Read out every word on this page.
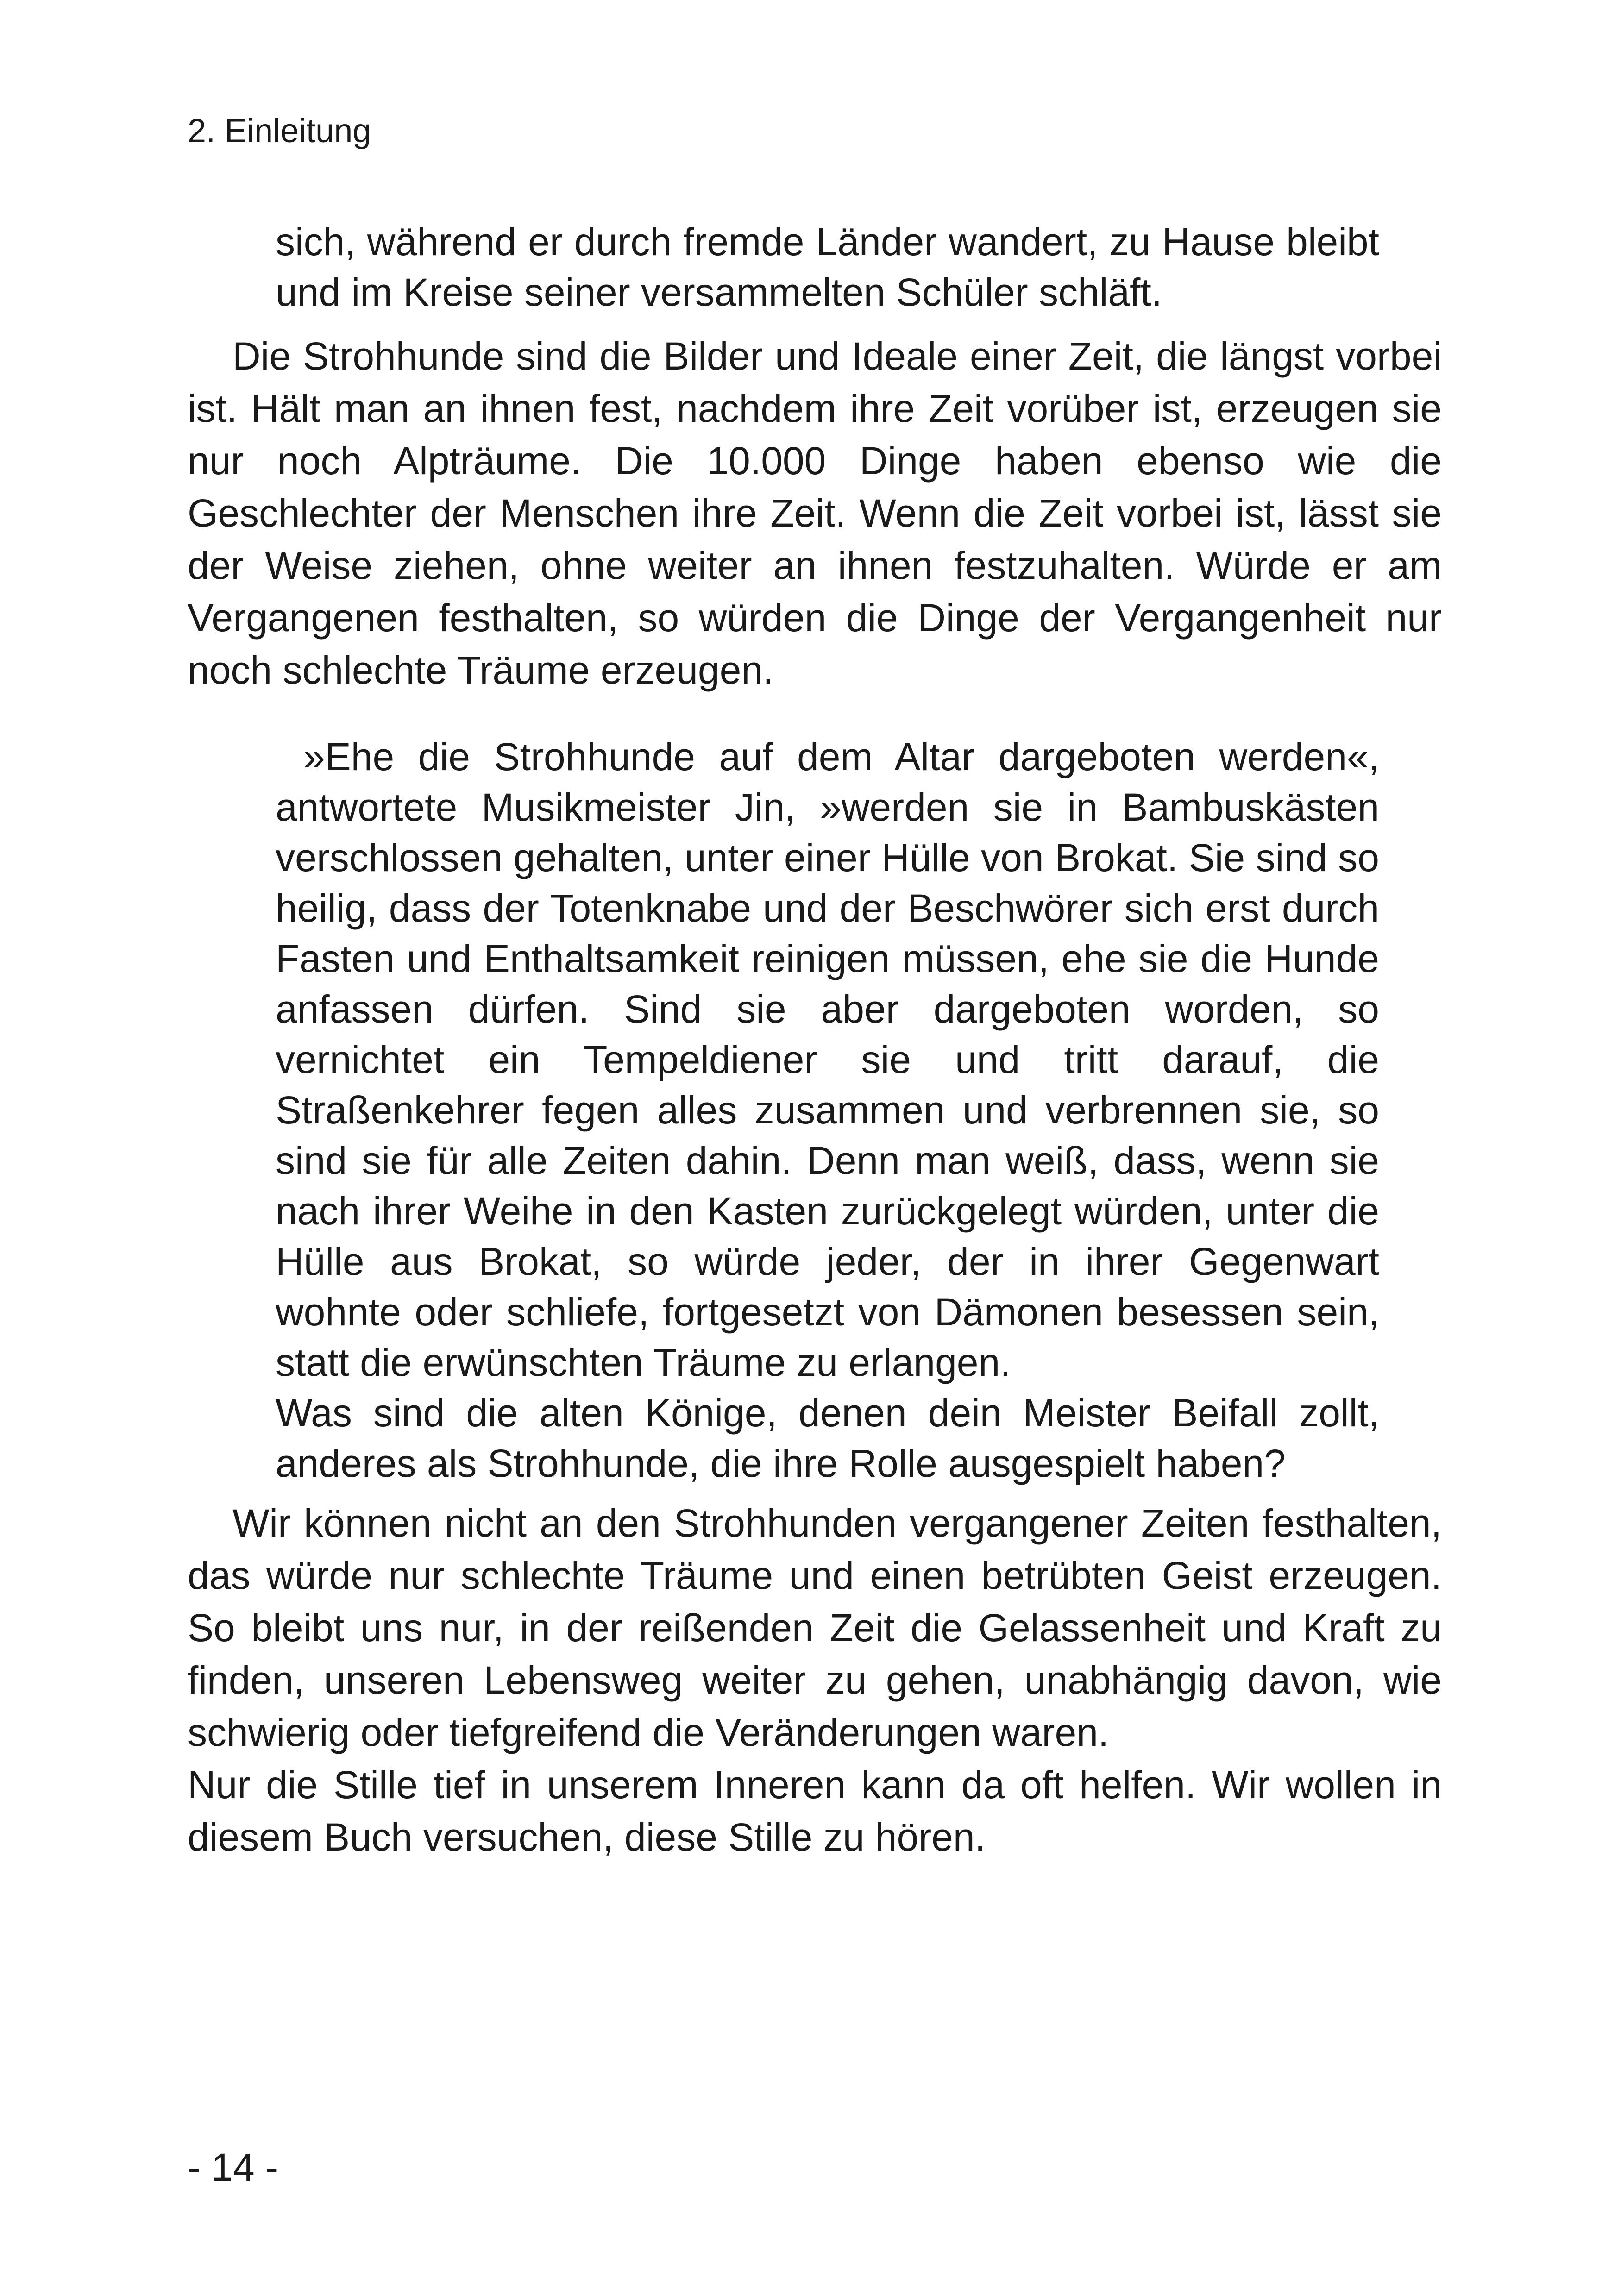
2. Einleitung

sich, während er durch fremde Länder wandert, zu Hause bleibt und im Kreise seiner versammelten Schüler schläft.

Die Strohhunde sind die Bilder und Ideale einer Zeit, die längst vorbei ist. Hält man an ihnen fest, nachdem ihre Zeit vorüber ist, erzeugen sie nur noch Alpträume. Die 10.000 Dinge haben ebenso wie die Geschlechter der Menschen ihre Zeit. Wenn die Zeit vorbei ist, lässt sie der Weise ziehen, ohne weiter an ihnen festzuhalten. Würde er am Vergangenen festhalten, so würden die Dinge der Vergangenheit nur noch schlechte Träume erzeugen.

»Ehe die Strohhunde auf dem Altar dargeboten werden«, antwortete Musikmeister Jin, »werden sie in Bambuskästen verschlossen gehalten, unter einer Hülle von Brokat. Sie sind so heilig, dass der Totenknabe und der Beschwörer sich erst durch Fasten und Enthaltsamkeit reinigen müssen, ehe sie die Hunde anfassen dürfen. Sind sie aber dargeboten worden, so vernichtet ein Tempeldiener sie und tritt darauf, die Straßenkehrer fegen alles zusammen und verbrennen sie, so sind sie für alle Zeiten dahin. Denn man weiß, dass, wenn sie nach ihrer Weihe in den Kasten zurückgelegt würden, unter die Hülle aus Brokat, so würde jeder, der in ihrer Gegenwart wohnte oder schliefe, fortgesetzt von Dämonen besessen sein, statt die erwünschten Träume zu erlangen.

Was sind die alten Könige, denen dein Meister Beifall zollt, anderes als Strohhunde, die ihre Rolle ausgespielt haben?

Wir können nicht an den Strohhunden vergangener Zeiten festhalten, das würde nur schlechte Träume und einen betrübten Geist erzeugen. So bleibt uns nur, in der reißenden Zeit die Gelassenheit und Kraft zu finden, unseren Lebensweg weiter zu gehen, unabhängig davon, wie schwierig oder tiefgreifend die Veränderungen waren.

Nur die Stille tief in unserem Inneren kann da oft helfen. Wir wollen in diesem Buch versuchen, diese Stille zu hören.

- 14 -
